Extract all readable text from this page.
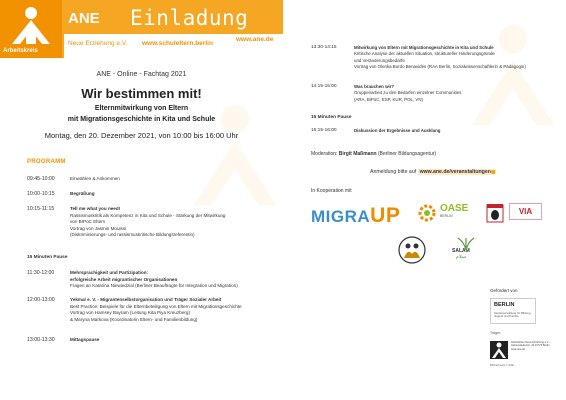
Arbeitskreis
ANE Einladung
Neue Erziehung e.V. www.schuleltern.berlin
www.ane.de
ANE - Online - Fachtag 2021
Wir bestimmen mit!
Elternmitwirkung von Eltern
mit Migrationsgeschichte in Kita und Schule
Montag, den 20. Dezember 2021, von 10:00 bis 16:00 Uhr
PROGRAMM
09:45-10:00	Einwählen & Ankommen
10:00-10:15	Begrüßung
10:15-11:15	Tell me what you need!
Rassismuskritik als Kompetenz in Kita und Schule - Stärkung der Mitwirkung
von BIPoC Eltern
Vortrag von Jasmin Mouissi
(Diskriminierungs- und rassismuskritische Bildungsreferentin)
15 Minuten Pause
11:30-12:00	Mehrsprachigkeit und Partizipation:
erfolgreiche Arbeit migrantischer Organisationen
Fragen an Katarina Niewiedzial (Berliner Beauftragte für Integration und Migration)
12:00-13:00	Yekmal e. V. - Migrantenselbstorganisation und Träger Sozialer Arbeit
Best Practice: Beispiele für die Elternbeteiligung von Eltern mit Migrationsgeschichte
Vortrag von Hamsey Bayram (Leitung Kita Piya Kreuzberg)
& Maryna Markova (Koordinatorin Eltern- und Familienbildung)
13:00-13:30	Mittagspause
13:30-14:15	Mitwirkung von Eltern mit Migrationsgeschichte in Kita und Schule
Kritische Analyse der aktuellen Situation, struktureller Hinderungsgründe
und Veränderungsbedarfe
Vortrag von Olenka Bordo Benavides (RAA Berlin, Sozialwissenschaftlerin & Pädagogin)
14:15-15:00	Was brauchen wir?
Gruppenarbeit zu den Bedarfen einzelner Communities
(ARA, BiPoC, ESP, KUR, POL, VN)
15 Minuten Pause
15:15-16:00	Diskussion der Ergebnisse und Ausklang
Moderation: Birgit Maßmann (Berliner Bildungsagentur)
Anmeldung bitte auf www.ane.de/veranstaltungen
☚
In Kooperation mit
MIGRAUP	OASE
BERLIN	VIA
SALAM
سلام
Gefördert von
BERLIN
Senatsverwaltung für Bildung, Jugend und Familie
Träger:
Arbeitskreis Neue Erziehung e.V. Hohenstaufenstr. 44 10779 Berlin www.ane.de
Bildnachweis © ANE
